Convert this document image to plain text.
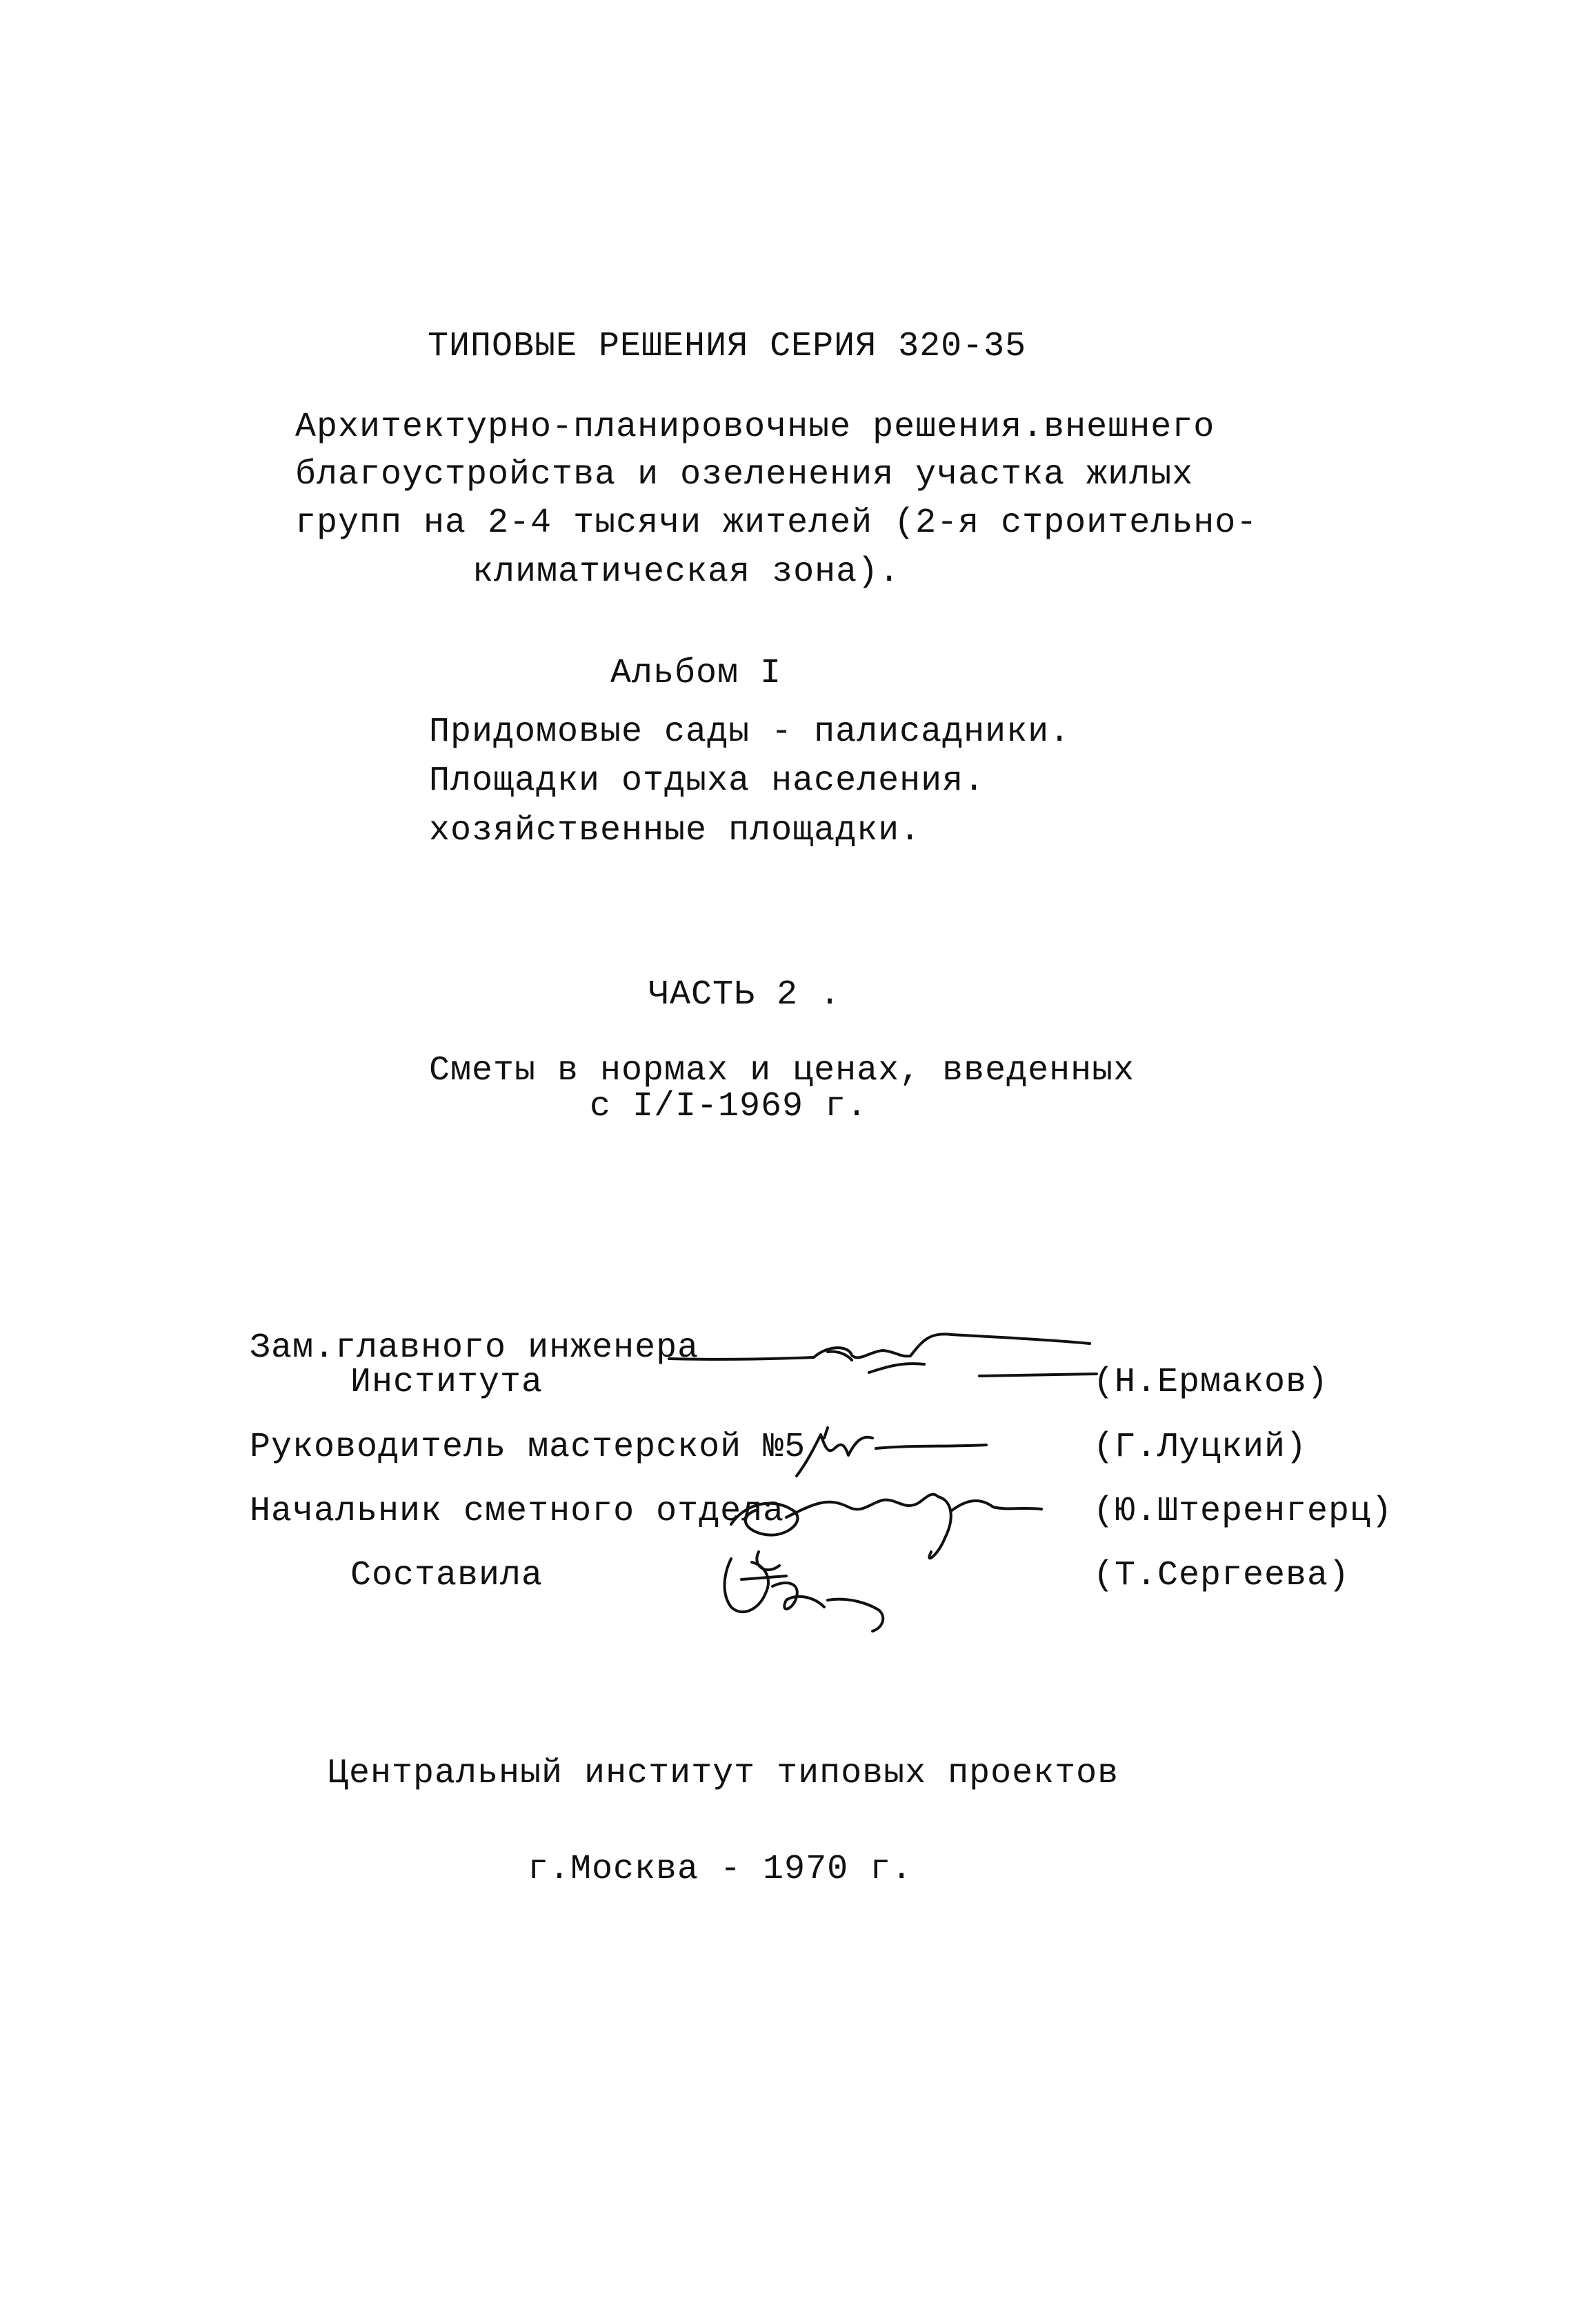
ТИПОВЫЕ РЕШЕНИЯ СЕРИЯ 320-35
Архитектурно-планировочные решения.внешнего
благоустройства и озеленения участка жилых
групп на 2-4 тысячи жителей (2-я строительно-
климатическая зона).
Альбом I
Придомовые сады - палисадники.
Площадки отдыха населения.
хозяйственные площадки.
ЧАСТЬ 2 .
Сметы в нормах и ценах, введенных
с I/I-1969 г.
Зам.главного инженера
Института	(Н.Ермаков)
Руководитель мастерской №5	(Г.Луцкий)
Начальник сметного отдела	(Ю.Штеренгерц)
Составила	(Т.Сергеева)
Центральный институт типовых проектов
г.Москва - 1970 г.
